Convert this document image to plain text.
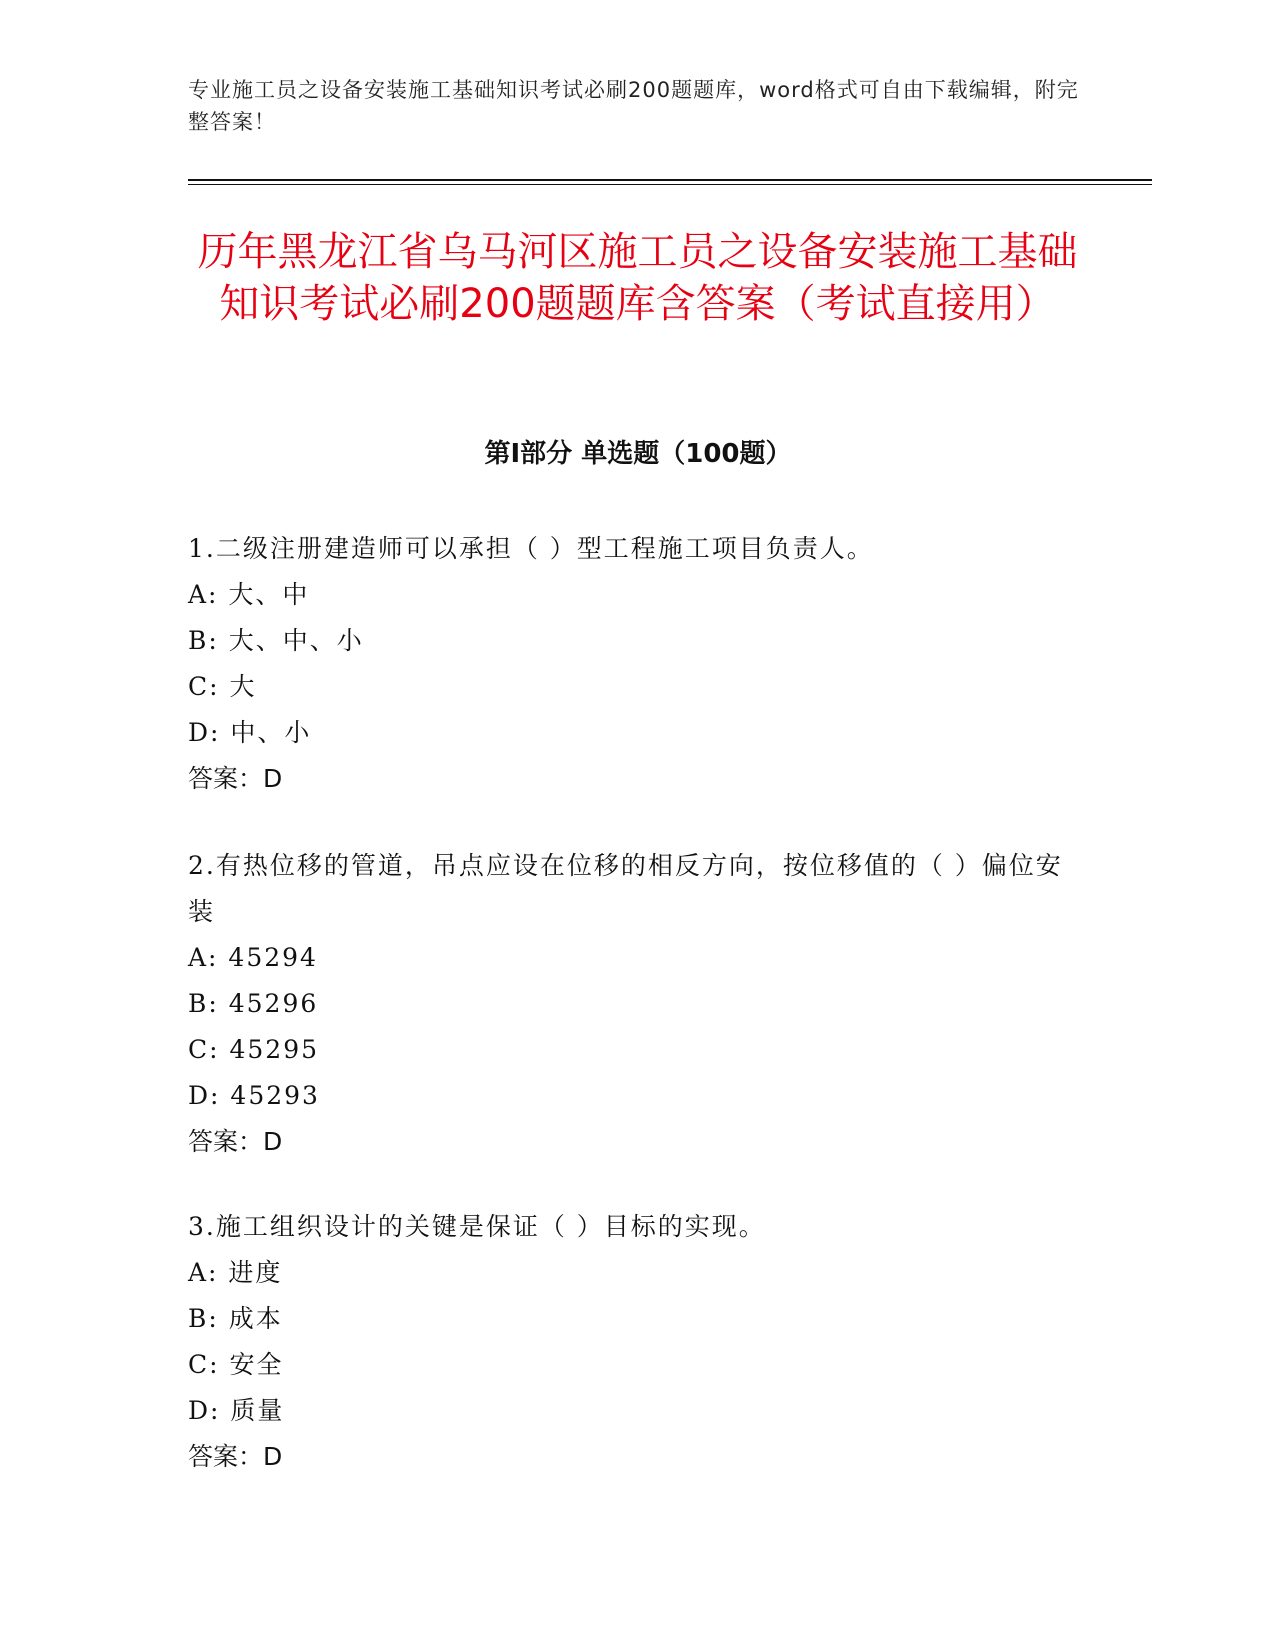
专业施工员之设备安装施工基础知识考试必刷200题题库，word格式可自由下载编辑，附完整答案！
历年黑龙江省乌马河区施工员之设备安装施工基础知识考试必刷200题题库含答案（考试直接用）
第I部分 单选题（100题）

1.二级注册建造师可以承担（ ）型工程施工项目负责人。

A: 大、中

B: 大、中、小

C: 大

D: 中、小

答案：D

2.有热位移的管道，吊点应设在位移的相反方向，按位移值的（ ）偏位安装

A: 45294

B: 45296

C: 45295

D: 45293

答案：D

3.施工组织设计的关键是保证（ ）目标的实现。

A: 进度

B: 成本

C: 安全

D: 质量

答案：D
